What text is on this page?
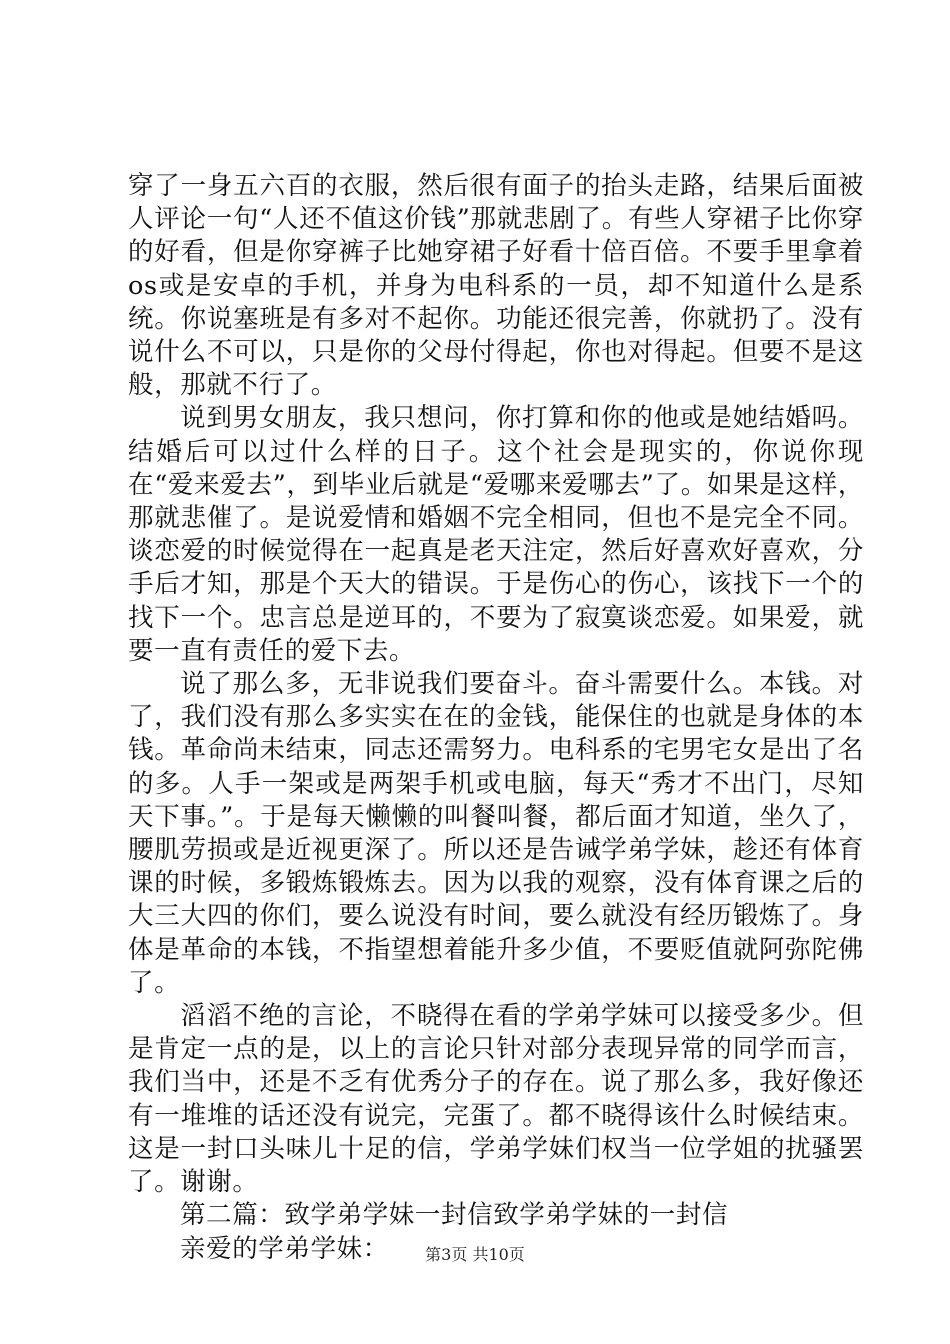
穿了一身五六百的衣服，然后很有面子的抬头走路，结果后面被人评论一句“人还不值这价钱”那就悲剧了。有些人穿裙子比你穿的好看，但是你穿裤子比她穿裙子好看十倍百倍。不要手里拿着os或是安卓的手机，并身为电科系的一员，却不知道什么是系统。你说塞班是有多对不起你。功能还很完善，你就扔了。没有说什么不可以，只是你的父母付得起，你也对得起。但要不是这般，那就不行了。

说到男女朋友，我只想问，你打算和你的他或是她结婚吗。结婚后可以过什么样的日子。这个社会是现实的，你说你现在“爱来爱去”，到毕业后就是“爱哪来爱哪去”了。如果是这样，那就悲催了。是说爱情和婚姻不完全相同，但也不是完全不同。谈恋爱的时候觉得在一起真是老天注定，然后好喜欢好喜欢，分手后才知，那是个天大的错误。于是伤心的伤心，该找下一个的找下一个。忠言总是逆耳的，不要为了寂寞谈恋爱。如果爱，就要一直有责任的爱下去。

说了那么多，无非说我们要奋斗。奋斗需要什么。本钱。对了，我们没有那么多实实在在的金钱，能保住的也就是身体的本钱。革命尚未结束，同志还需努力。电科系的宅男宅女是出了名的多。人手一架或是两架手机或电脑，每天“秀才不出门，尽知天下事。”。于是每天懒懒的叫餐叫餐，都后面才知道，坐久了，腰肌劳损或是近视更深了。所以还是告诫学弟学妹，趁还有体育课的时候，多锻炼锻炼去。因为以我的观察，没有体育课之后的大三大四的你们，要么说没有时间，要么就没有经历锻炼了。身体是革命的本钱，不指望想着能升多少值，不要贬值就阿弥陀佛了。

滔滔不绝的言论，不晓得在看的学弟学妹可以接受多少。但是肯定一点的是，以上的言论只针对部分表现异常的同学而言，我们当中，还是不乏有优秀分子的存在。说了那么多，我好像还有一堆堆的话还没有说完，完蛋了。都不晓得该什么时候结束。这是一封口头味儿十足的信，学弟学妹们权当一位学姐的扰骚罢了。谢谢。

第二篇：致学弟学妹一封信致学弟学妹的一封信

亲爱的学弟学妹：	第3页 共10页
